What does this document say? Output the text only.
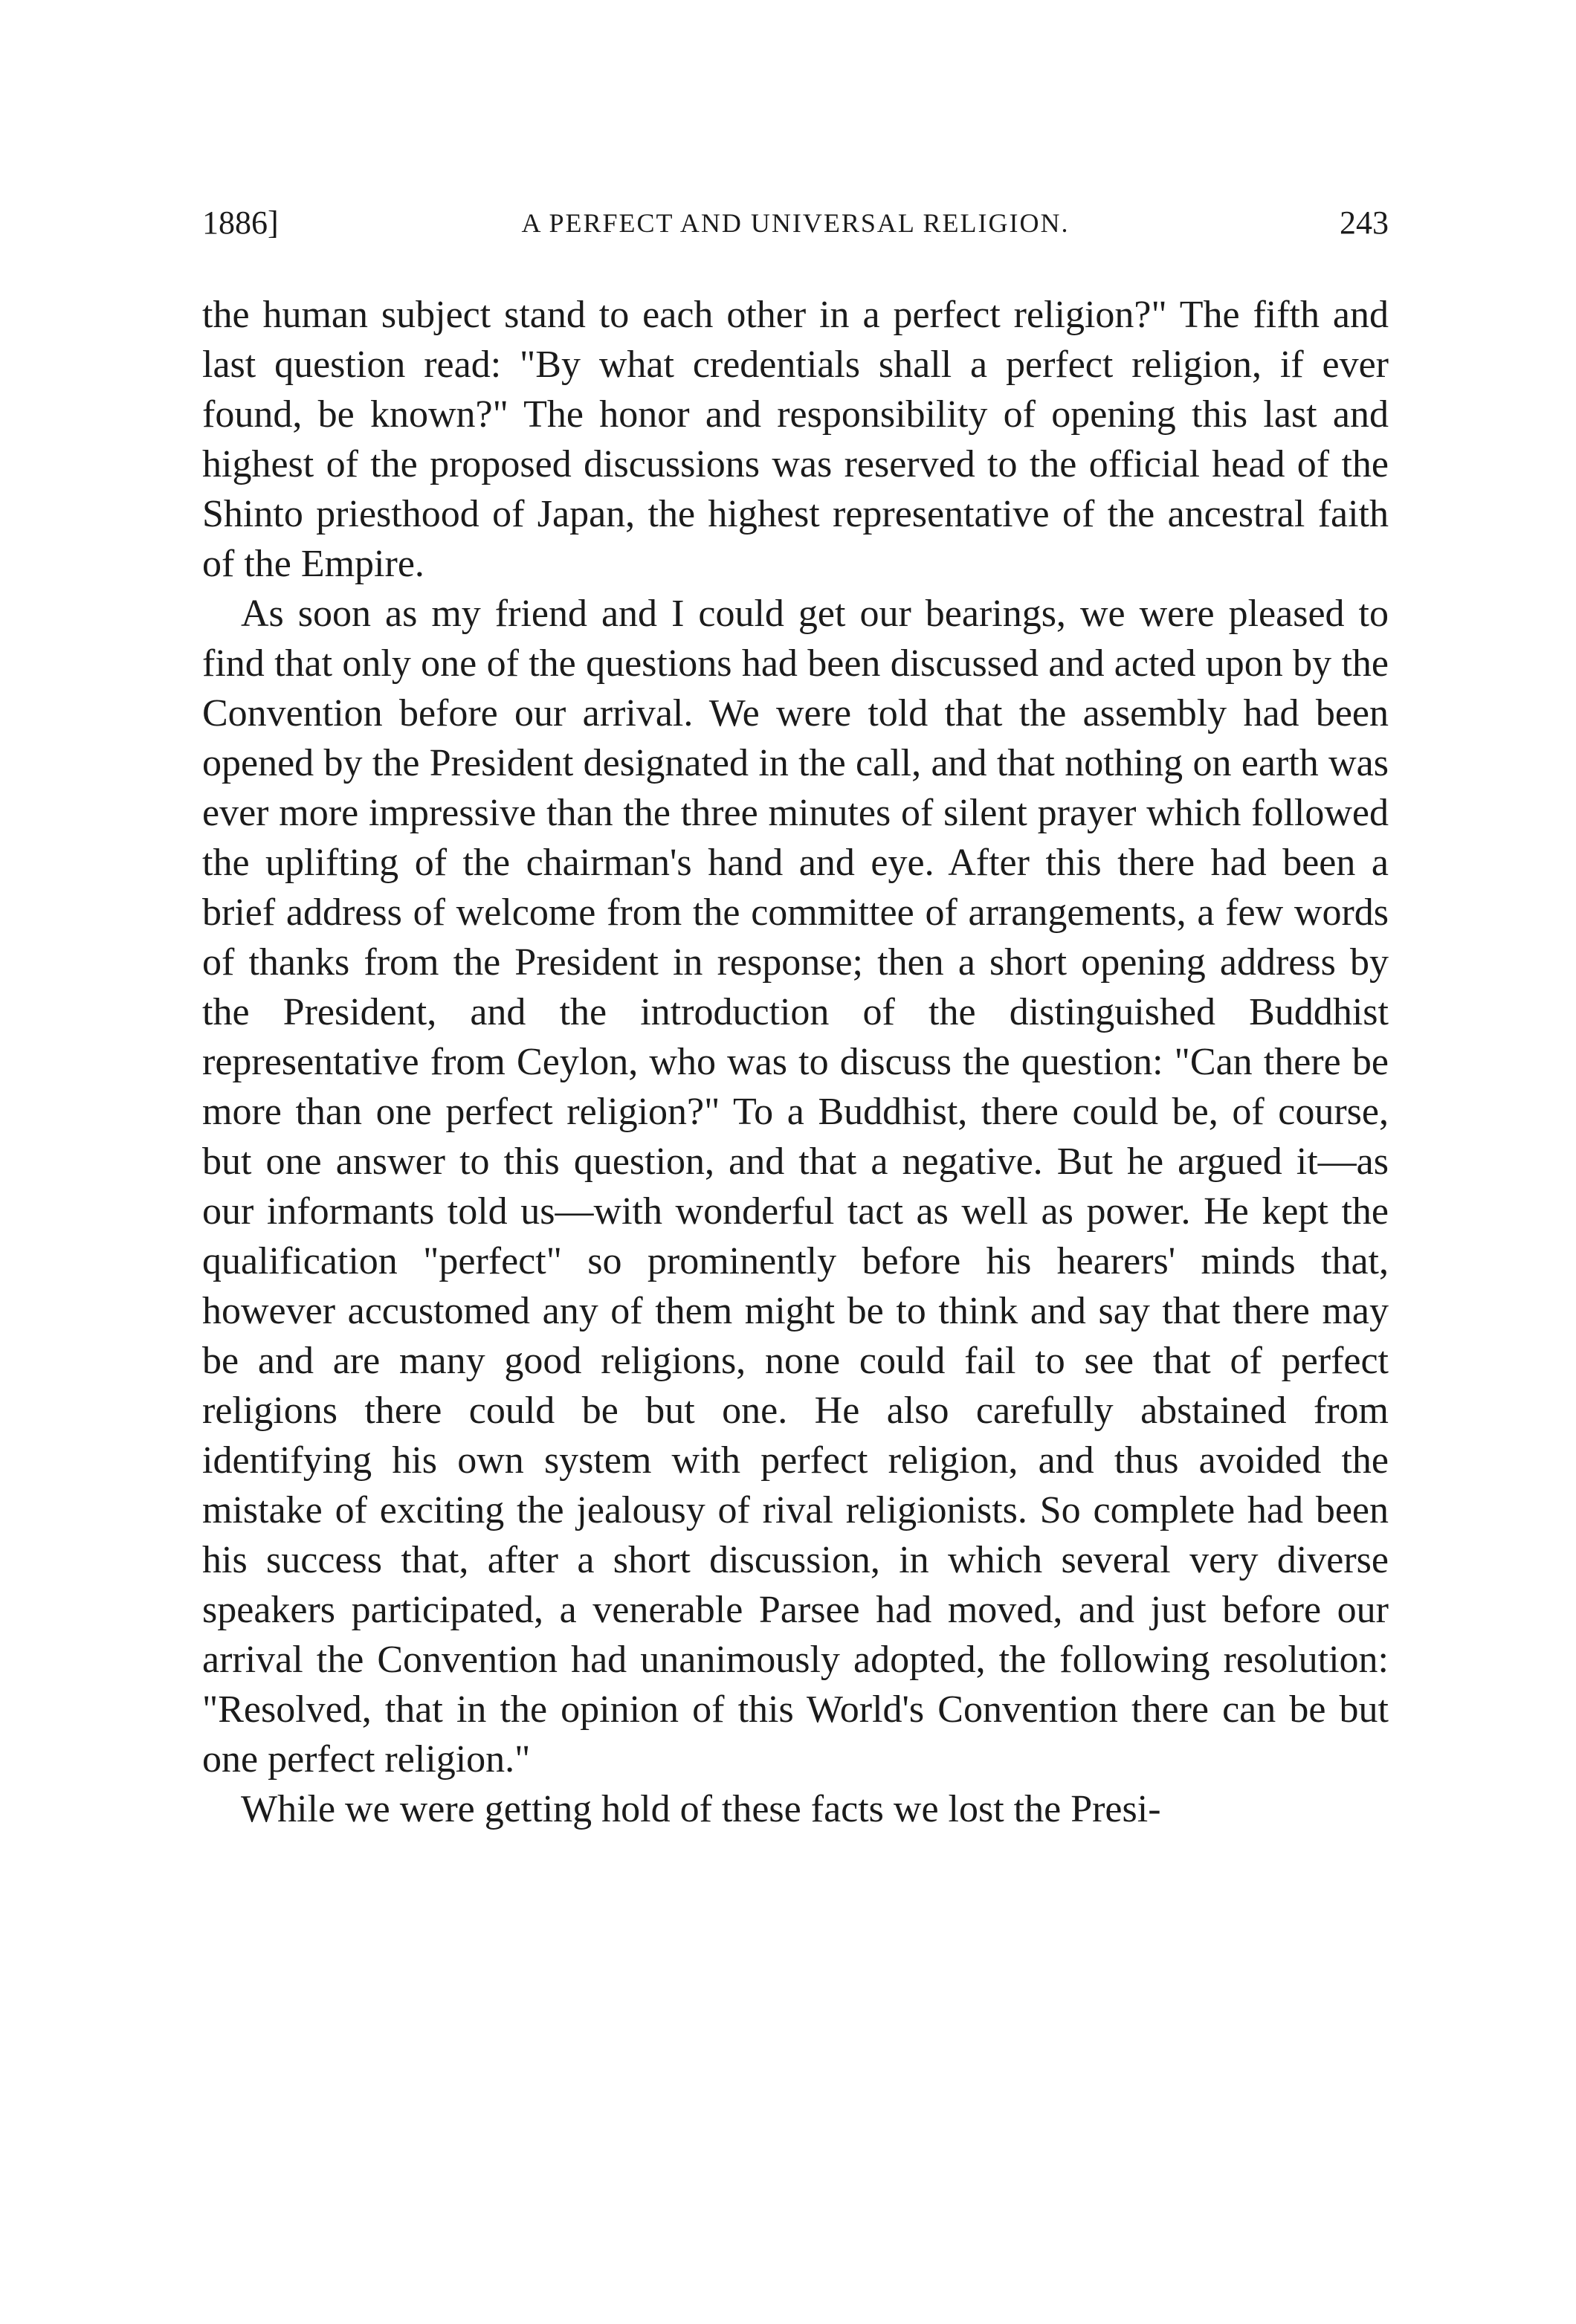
1886]	A PERFECT AND UNIVERSAL RELIGION.	243

the human subject stand to each other in a perfect religion?" The fifth and last question read: "By what credentials shall a perfect religion, if ever found, be known?" The honor and responsibility of opening this last and highest of the proposed discussions was reserved to the official head of the Shinto priesthood of Japan, the highest representative of the ancestral faith of the Empire.

As soon as my friend and I could get our bearings, we were pleased to find that only one of the questions had been discussed and acted upon by the Convention before our arrival. We were told that the assembly had been opened by the President designated in the call, and that nothing on earth was ever more impressive than the three minutes of silent prayer which followed the uplifting of the chairman's hand and eye. After this there had been a brief address of welcome from the committee of arrangements, a few words of thanks from the President in response; then a short opening address by the President, and the introduction of the distinguished Buddhist representative from Ceylon, who was to discuss the question: "Can there be more than one perfect religion?" To a Buddhist, there could be, of course, but one answer to this question, and that a negative. But he argued it—as our informants told us—with wonderful tact as well as power. He kept the qualification "perfect" so prominently before his hearers' minds that, however accustomed any of them might be to think and say that there may be and are many good religions, none could fail to see that of perfect religions there could be but one. He also carefully abstained from identifying his own system with perfect religion, and thus avoided the mistake of exciting the jealousy of rival religionists. So complete had been his success that, after a short discussion, in which several very diverse speakers participated, a venerable Parsee had moved, and just before our arrival the Convention had unanimously adopted, the following resolution: "Resolved, that in the opinion of this World's Convention there can be but one perfect religion."

While we were getting hold of these facts we lost the Presi-
